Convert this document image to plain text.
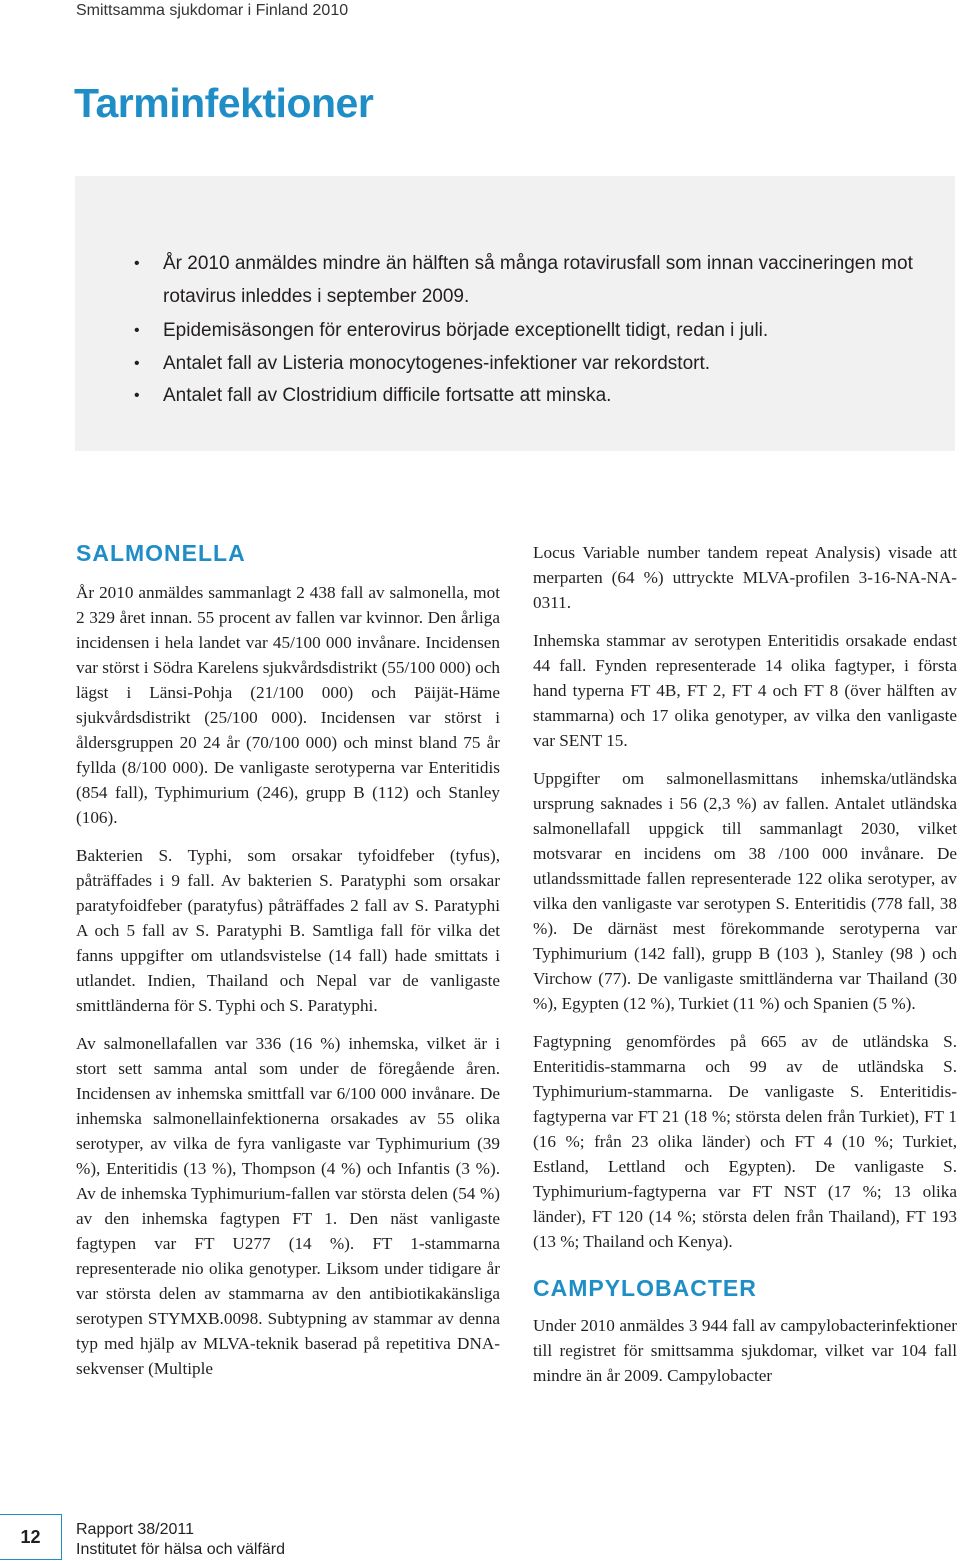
Smittsamma sjukdomar i Finland 2010
Tarminfektioner
• År 2010 anmäldes mindre än hälften så många rotavirusfall som innan vaccineringen mot rotavirus inleddes i september 2009.
• Epidemisäsongen för enterovirus började exceptionellt tidigt, redan i juli.
• Antalet fall av Listeria monocytogenes-infektioner var rekordstort.
• Antalet fall av Clostridium difficile fortsatte att minska.
SALMONELLA

År 2010 anmäldes sammanlagt 2 438 fall av salmonella, mot 2 329 året innan. 55 procent av fallen var kvinnor. Den årliga incidensen i hela landet var 45/100 000 invånare. Incidensen var störst i Södra Karelens sjukvårdsdistrikt (55/100 000) och lägst i Länsi-Pohja (21/100 000) och Päijät-Häme sjukvårdsdistrikt (25/100 000). Incidensen var störst i åldersgruppen 20 24 år (70/100 000) och minst bland 75 år fyllda (8/100 000). De vanligaste serotyperna var Enteritidis (854 fall), Typhimurium (246), grupp B (112) och Stanley (106).

Bakterien S. Typhi, som orsakar tyfoidfeber (tyfus), påträffades i 9 fall. Av bakterien S. Paratyphi som orsakar paratyfoidfeber (paratyfus) påträffades 2 fall av S. Paratyphi A och 5 fall av S. Paratyphi B. Samtliga fall för vilka det fanns uppgifter om utlandsvistelse (14 fall) hade smittats i utlandet. Indien, Thailand och Nepal var de vanligaste smittländerna för S. Typhi och S. Paratyphi.

Av salmonellafallen var 336 (16 %) inhemska, vilket är i stort sett samma antal som under de föregående åren. Incidensen av inhemska smittfall var 6/100 000 invånare. De inhemska salmonellainfektionerna orsakades av 55 olika serotyper, av vilka de fyra vanligaste var Typhimurium (39 %), Enteritidis (13 %), Thompson (4 %) och Infantis (3 %). Av de inhemska Typhimurium-fallen var största delen (54 %) av den inhemska fagtypen FT 1. Den näst vanligaste fagtypen var FT U277 (14 %). FT 1-stammarna representerade nio olika genotyper. Liksom under tidigare år var största delen av stammarna av den antibiotikakänsliga serotypen STYMXB.0098. Subtypning av stammar av denna typ med hjälp av MLVA-teknik baserad på repetitiva DNA-sekvenser (Multiple

Locus Variable number tandem repeat Analysis) visade att merparten (64 %) uttryckte MLVA-profilen 3-16-NA-NA-0311.

Inhemska stammar av serotypen Enteritidis orsakade endast 44 fall. Fynden representerade 14 olika fagtyper, i första hand typerna FT 4B, FT 2, FT 4 och FT 8 (över hälften av stammarna) och 17 olika genotyper, av vilka den vanligaste var SENT 15.

Uppgifter om salmonellasmittans inhemska/utländska ursprung saknades i 56 (2,3 %) av fallen. Antalet utländska salmonellafall uppgick till sammanlagt 2030, vilket motsvarar en incidens om 38 /100 000 invånare. De utlandssmittade fallen representerade 122 olika serotyper, av vilka den vanligaste var serotypen S. Enteritidis (778 fall, 38 %). De därnäst mest förekommande serotyperna var Typhimurium (142 fall), grupp B (103 ), Stanley (98 ) och Virchow (77). De vanligaste smittländerna var Thailand (30 %), Egypten (12 %), Turkiet (11 %) och Spanien (5 %).

Fagtypning genomfördes på 665 av de utländska S. Enteritidis-stammarna och 99 av de utländska S. Typhimurium-stammarna. De vanligaste S. Enteritidis-fagtyperna var FT 21 (18 %; största delen från Turkiet), FT 1 (16 %; från 23 olika länder) och FT 4 (10 %; Turkiet, Estland, Lettland och Egypten). De vanligaste S. Typhimurium-fagtyperna var FT NST (17 %; 13 olika länder), FT 120 (14 %; största delen från Thailand), FT 193 (13 %; Thailand och Kenya).

CAMPYLOBACTER

Under 2010 anmäldes 3 944 fall av campylobacterinfektioner till registret för smittsamma sjukdomar, vilket var 104 fall mindre än år 2009. Campylobacter

12	Rapport 38/2011
Institutet för hälsa och välfärd
